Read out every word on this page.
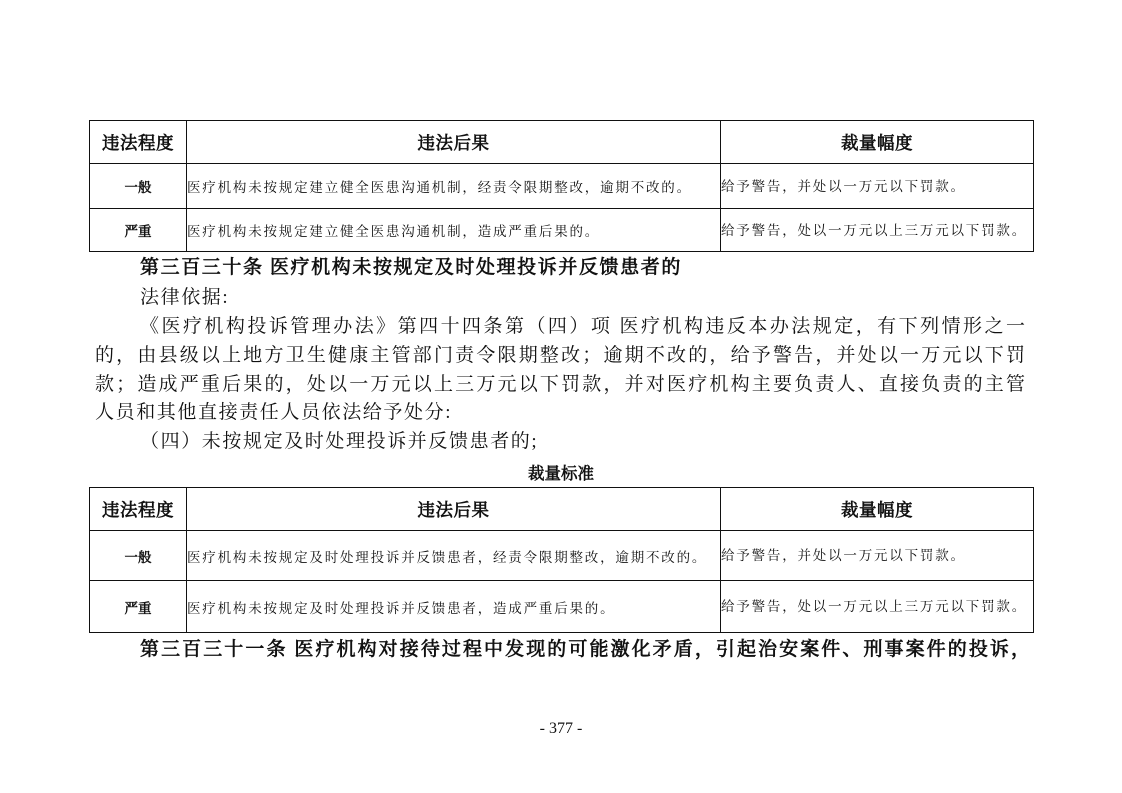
违法程度	违法后果	裁量幅度
一般	医疗机构未按规定建立健全医患沟通机制，经责令限期整改，逾期不改的。	给予警告，并处以一万元以下罚款。
严重	医疗机构未按规定建立健全医患沟通机制，造成严重后果的。	给予警告，处以一万元以上三万元以下罚款。
第三百三十条 医疗机构未按规定及时处理投诉并反馈患者的
法律依据:
《医疗机构投诉管理办法》第四十四条第（四）项 医疗机构违反本办法规定，有下列情形之一
的，由县级以上地方卫生健康主管部门责令限期整改；逾期不改的，给予警告，并处以一万元以下罚
款；造成严重后果的，处以一万元以上三万元以下罚款，并对医疗机构主要负责人、直接负责的主管
人员和其他直接责任人员依法给予处分:
（四）未按规定及时处理投诉并反馈患者的;
裁量标准
违法程度	违法后果	裁量幅度
一般	医疗机构未按规定及时处理投诉并反馈患者，经责令限期整改，逾期不改的。	给予警告，并处以一万元以下罚款。
严重	医疗机构未按规定及时处理投诉并反馈患者，造成严重后果的。	给予警告，处以一万元以上三万元以下罚款。
第三百三十一条 医疗机构对接待过程中发现的可能激化矛盾，引起治安案件、刑事案件的投诉，
- 377 -
